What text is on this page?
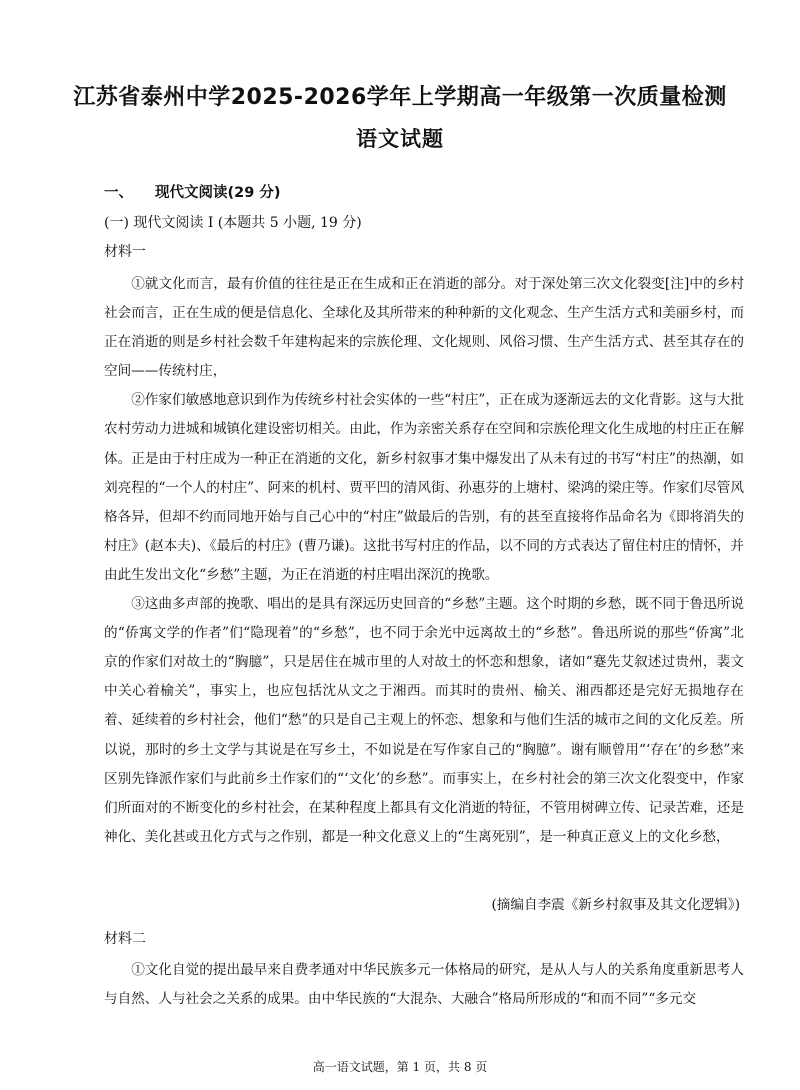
江苏省泰州中学2025-2026学年上学期高一年级第一次质量检测
语文试题
一、 现代文阅读(29 分)
(一) 现代文阅读 I (本题共 5 小题, 19 分)
材料一

①就文化而言，最有价值的往往是正在生成和正在消逝的部分。对于深处第三次文化裂变[注]中的乡村社会而言，正在生成的便是信息化、全球化及其所带来的种种新的文化观念、生产生活方式和美丽乡村，而正在消逝的则是乡村社会数千年建构起来的宗族伦理、文化规则、风俗习惯、生产生活方式、甚至其存在的空间——传统村庄，

②作家们敏感地意识到作为传统乡村社会实体的一些“村庄”，正在成为逐渐远去的文化背影。这与大批农村劳动力进城和城镇化建设密切相关。由此，作为亲密关系存在空间和宗族伦理文化生成地的村庄正在解体。正是由于村庄成为一种正在消逝的文化，新乡村叙事才集中爆发出了从未有过的书写“村庄”的热潮，如刘亮程的“一个人的村庄”、阿来的机村、贾平凹的清风街、孙惠芬的上塘村、梁鸿的梁庄等。作家们尽管风格各异，但却不约而同地开始与自己心中的“村庄”做最后的告别，有的甚至直接将作品命名为《即将消失的村庄》(赵本夫)、《最后的村庄》(曹乃谦)。这批书写村庄的作品，以不同的方式表达了留住村庄的情怀，并由此生发出文化“乡愁”主题，为正在消逝的村庄唱出深沉的挽歌。

③这曲多声部的挽歌、唱出的是具有深远历史回音的“乡愁”主题。这个时期的乡愁，既不同于鲁迅所说的“侨寓文学的作者”们“隐现着”的“乡愁”，也不同于余光中远离故土的“乡愁”。鲁迅所说的那些“侨寓”北京的作家们对故土的“胸臆”，只是居住在城市里的人对故土的怀恋和想象，诸如“蹇先艾叙述过贵州，裴文中关心着榆关”，事实上，也应包括沈从文之于湘西。而其时的贵州、榆关、湘西都还是完好无损地存在着、延续着的乡村社会，他们“愁”的只是自己主观上的怀恋、想象和与他们生活的城市之间的文化反差。所以说，那时的乡土文学与其说是在写乡土，不如说是在写作家自己的“胸臆”。谢有顺曾用“‘存在’的乡愁”来区别先锋派作家们与此前乡土作家们的“‘文化’的乡愁”。而事实上，在乡村社会的第三次文化裂变中，作家们所面对的不断变化的乡村社会，在某种程度上都具有文化消逝的特征，不管用树碑立传、记录苦难，还是神化、美化甚或丑化方式与之作别，都是一种文化意义上的“生离死别”，是一种真正意义上的文化乡愁，

(摘编自李震《新乡村叙事及其文化逻辑》)
材料二

①文化自觉的提出最早来自费孝通对中华民族多元一体格局的研究，是从人与人的关系角度重新思考人与自然、人与社会之关系的成果。由中华民族的“大混杂、大融合”格局所形成的“和而不同”“多元交

高一语文试题，第 1 页，共 8 页
